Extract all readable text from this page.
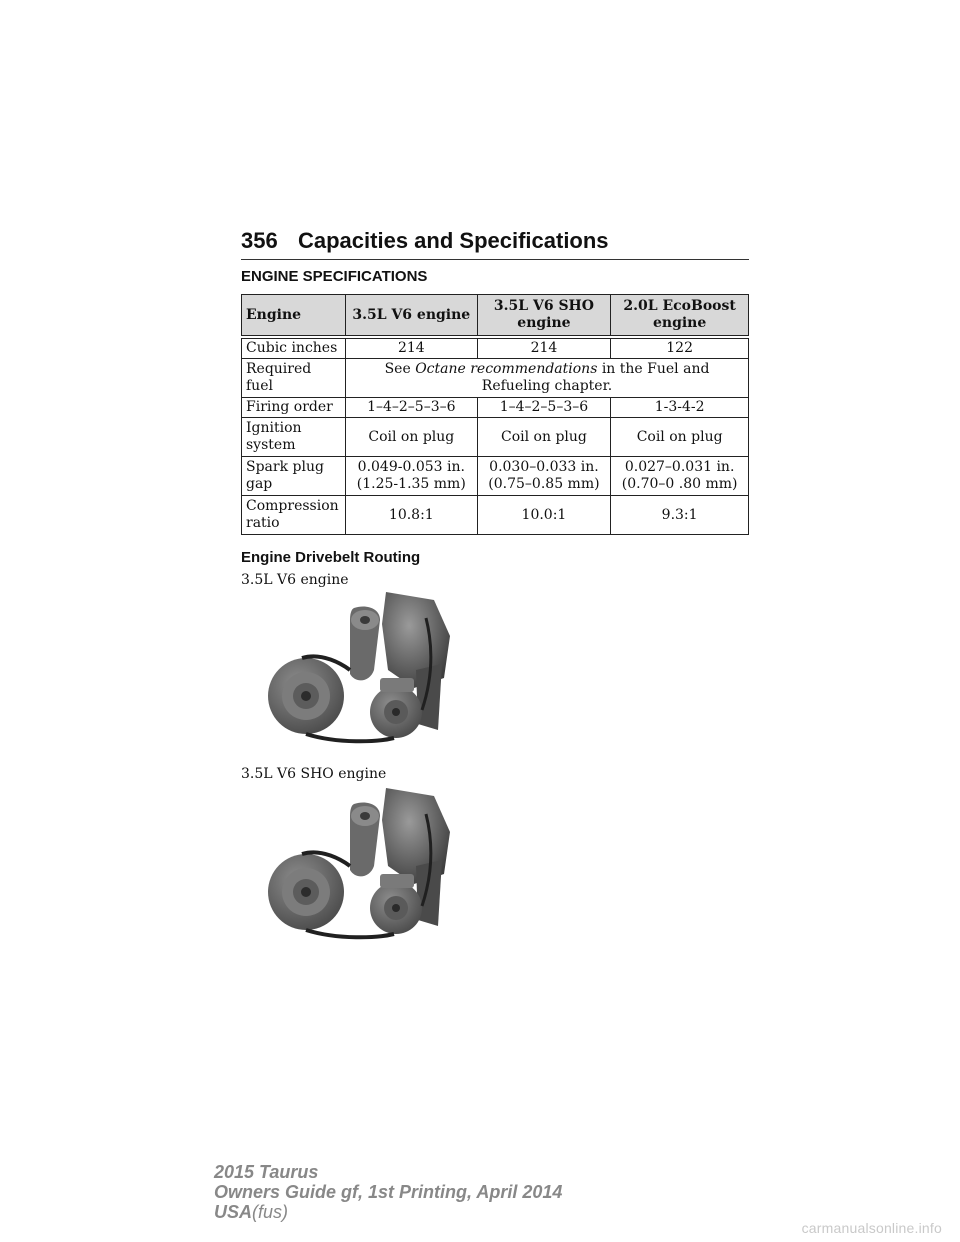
356 Capacities and Specifications
ENGINE SPECIFICATIONS
Engine	3.5L V6 engine	3.5L V6 SHO engine	2.0L EcoBoost engine

Cubic inches	214	214	122
Required fuel	See Octane recommendations in the Fuel and Refueling chapter.		
Firing order	1–4–2–5–3–6	1–4–2–5–3–6	1-3-4-2
Ignition system	Coil on plug	Coil on plug	Coil on plug
Spark plug gap	0.049-0.053 in. (1.25-1.35 mm)	0.030–0.033 in. (0.75–0.85 mm)	0.027–0.031 in. (0.70–0 .80 mm)
Compression ratio	10.8:1	10.0:1	9.3:1
Engine Drivebelt Routing
3.5L V6 engine
3.5L V6 SHO engine
2015 Taurus
Owners Guide gf, 1st Printing, April 2014
USA(fus)
carmanualsonline.info
